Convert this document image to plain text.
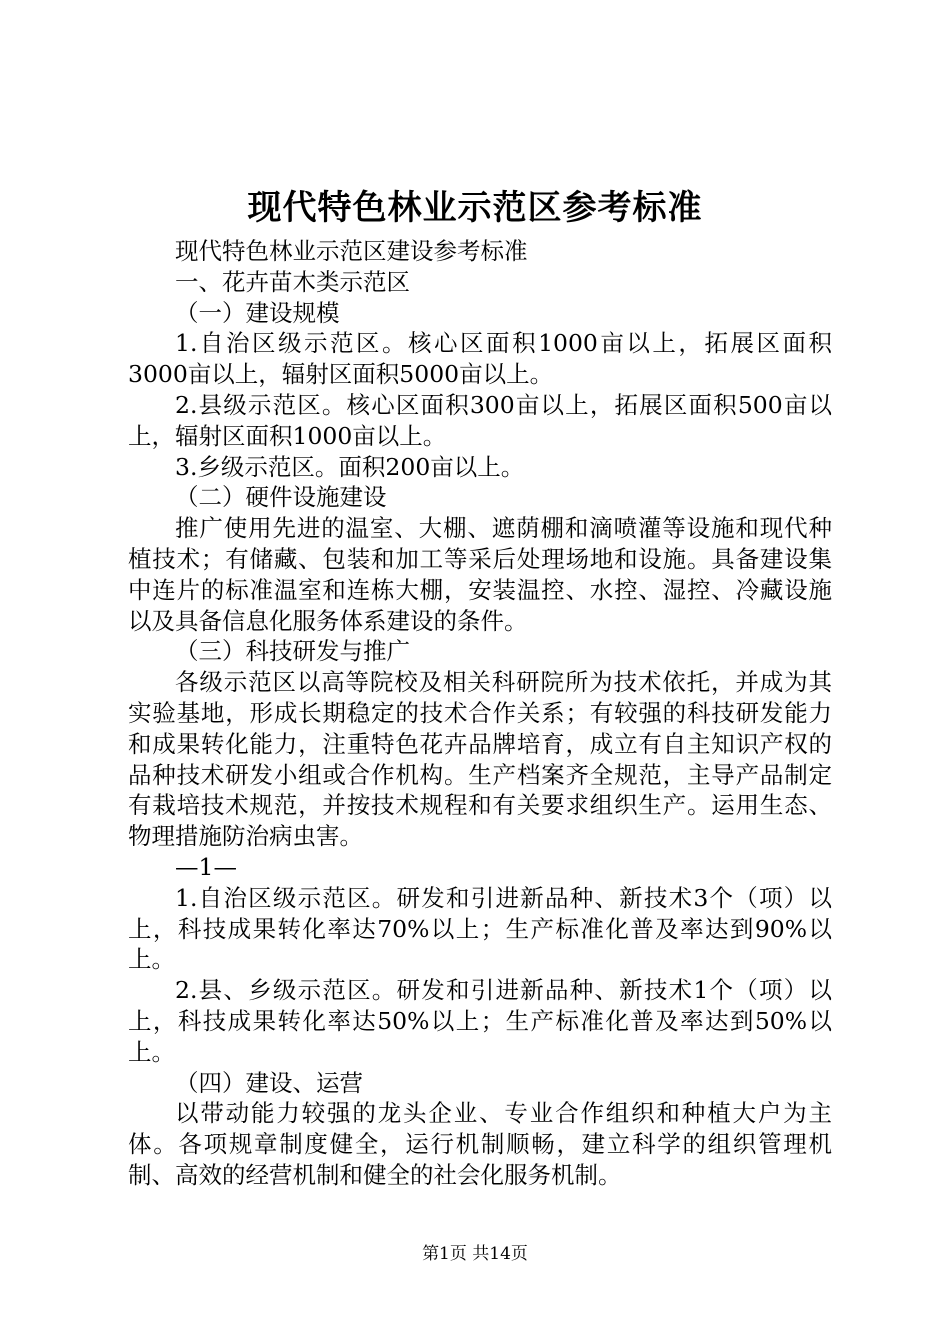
现代特色林业示范区参考标准

现代特色林业示范区建设参考标准

一、花卉苗木类示范区

（一）建设规模

1.自治区级示范区。核心区面积1000亩以上，拓展区面积3000亩以上，辐射区面积5000亩以上。

2.县级示范区。核心区面积300亩以上，拓展区面积500亩以上，辐射区面积1000亩以上。

3.乡级示范区。面积200亩以上。

（二）硬件设施建设

推广使用先进的温室、大棚、遮荫棚和滴喷灌等设施和现代种植技术；有储藏、包装和加工等采后处理场地和设施。具备建设集中连片的标准温室和连栋大棚，安装温控、水控、湿控、冷藏设施以及具备信息化服务体系建设的条件。

（三）科技研发与推广

各级示范区以高等院校及相关科研院所为技术依托，并成为其实验基地，形成长期稳定的技术合作关系；有较强的科技研发能力和成果转化能力，注重特色花卉品牌培育，成立有自主知识产权的品种技术研发小组或合作机构。生产档案齐全规范，主导产品制定有栽培技术规范，并按技术规程和有关要求组织生产。运用生态、物理措施防治病虫害。

—1—

1.自治区级示范区。研发和引进新品种、新技术3个（项）以上，科技成果转化率达70%以上；生产标准化普及率达到90%以上。

2.县、乡级示范区。研发和引进新品种、新技术1个（项）以上，科技成果转化率达50%以上；生产标准化普及率达到50%以上。

（四）建设、运营

以带动能力较强的龙头企业、专业合作组织和种植大户为主体。各项规章制度健全，运行机制顺畅，建立科学的组织管理机制、高效的经营机制和健全的社会化服务机制。

第1页 共14页
